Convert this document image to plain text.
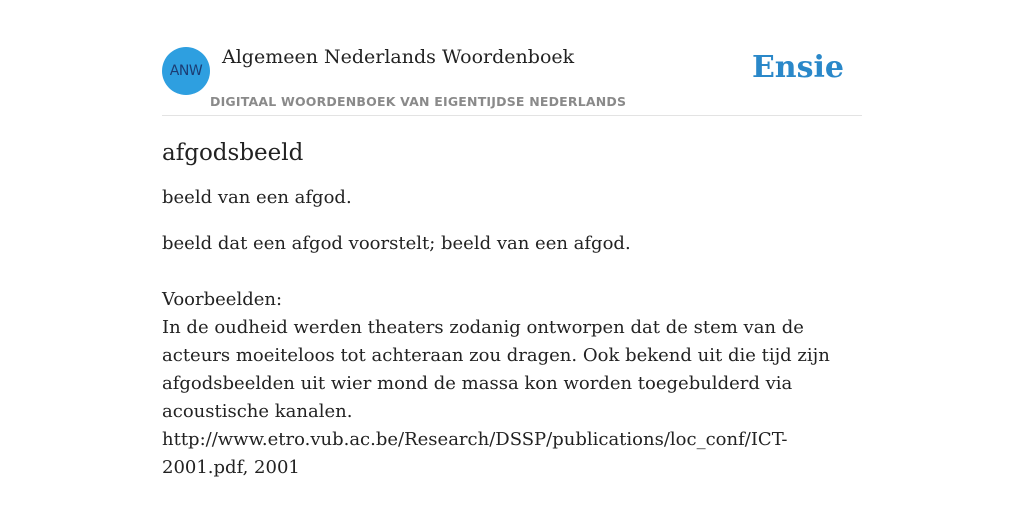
ANW
Algemeen Nederlands Woordenboek
DIGITAAL WOORDENBOEK VAN EIGENTIJDSE NEDERLANDS
Ensie
afgodsbeeld

beeld van een afgod.

beeld dat een afgod voorstelt; beeld van een afgod.

Voorbeelden:

In de oudheid werden theaters zodanig ontworpen dat de stem van de acteurs moeiteloos tot achteraan zou dragen. Ook bekend uit die tijd zijn afgodsbeelden uit wier mond de massa kon worden toegebulderd via acoustische kanalen.

http://www.etro.vub.ac.be/Research/DSSP/publications/loc_conf/ICT-2001.pdf, 2001
